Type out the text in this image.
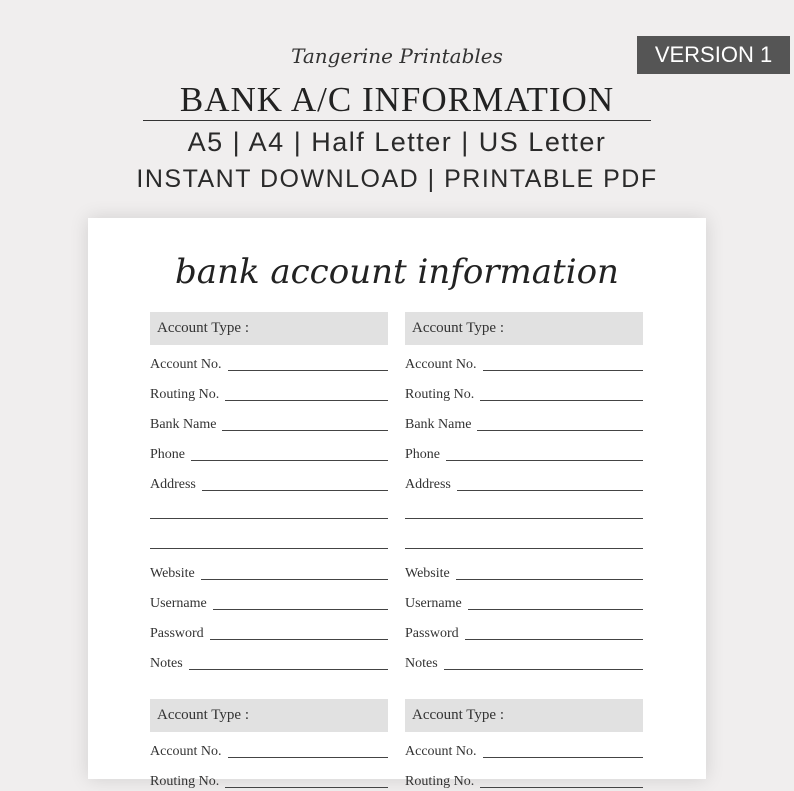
Tangerine Printables	VERSION 1
BANK A/C INFORMATION
A5 | A4 | Half Letter | US Letter
INSTANT DOWNLOAD | PRINTABLE PDF
bank account information
Account Type :
Account No.
Routing No.
Bank Name
Phone
Address
Website
Username
Password
Notes
Account Type :
Account No.
Routing No.
Bank Name
Phone
Address
Website
Username
Password
Notes
Account Type :
Account No.
Routing No.
Account Type :
Account No.
Routing No.
